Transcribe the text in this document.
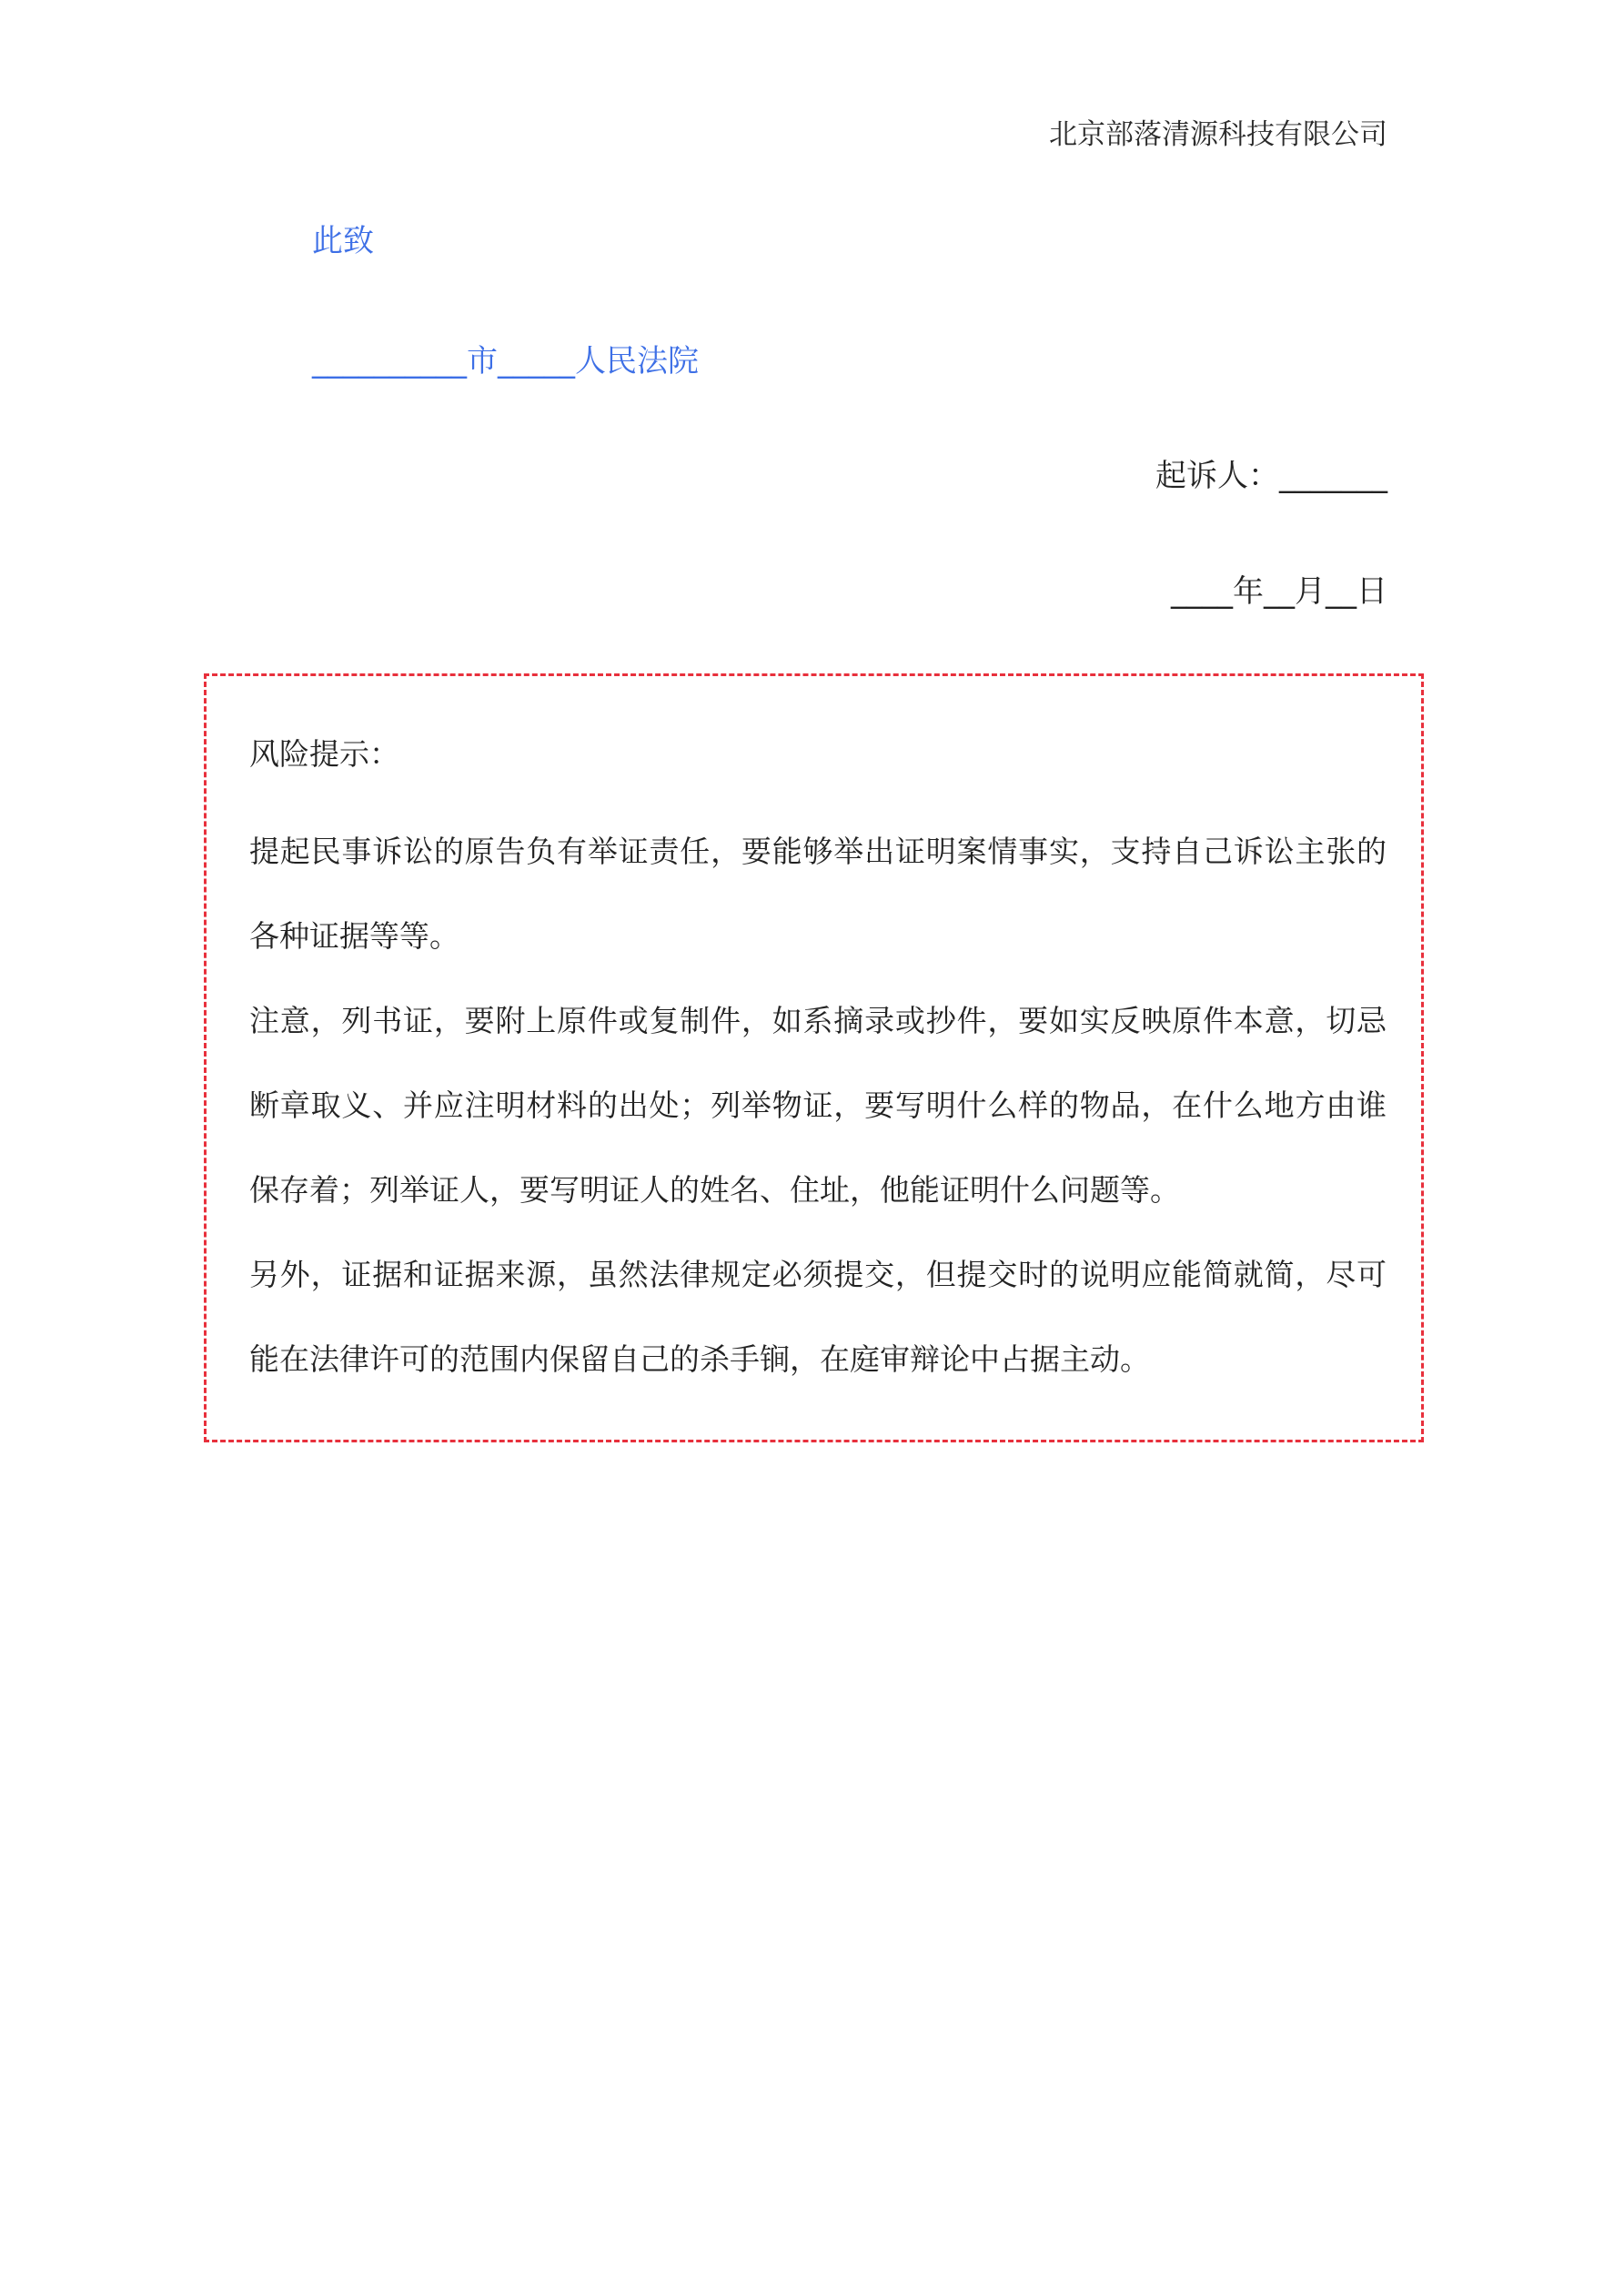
北京部落清源科技有限公司
此致
__________市_____人民法院
起诉人：_______
____年__月__日

风险提示：

提起民事诉讼的原告负有举证责任，要能够举出证明案情事实，支持自己诉讼主张的各种证据等等。

注意，列书证，要附上原件或复制件，如系摘录或抄件，要如实反映原件本意，切忌断章取义、并应注明材料的出处；列举物证，要写明什么样的物品，在什么地方由谁保存着；列举证人，要写明证人的姓名、住址，他能证明什么问题等。

另外，证据和证据来源，虽然法律规定必须提交，但提交时的说明应能简就简，尽可能在法律许可的范围内保留自己的杀手锏，在庭审辩论中占据主动。
